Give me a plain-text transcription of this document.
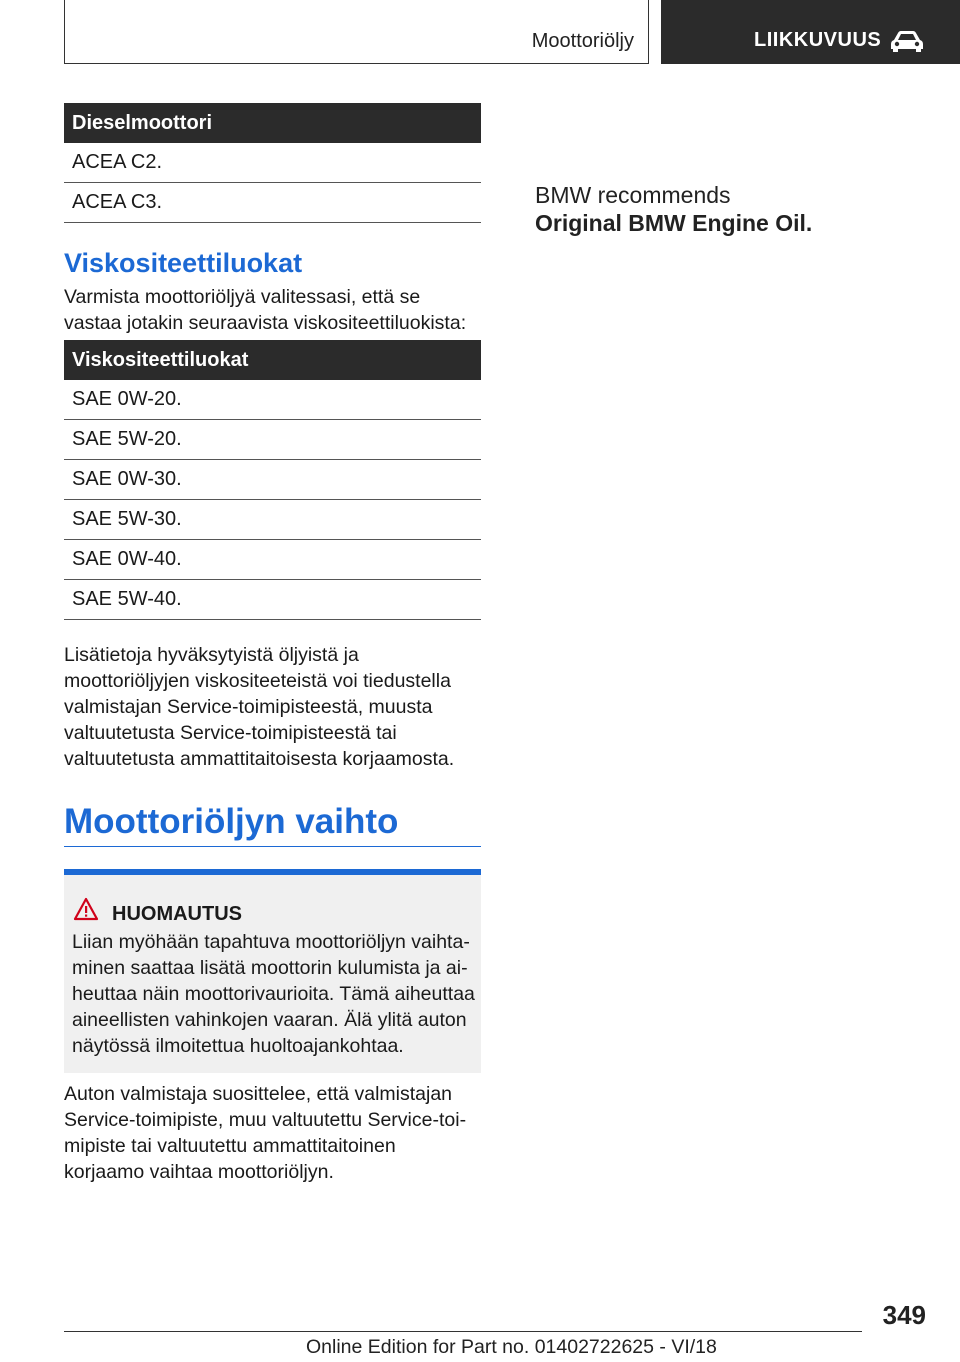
Moottoriöljy	LIIKKUVUUS
Dieselmoottori
ACEA C2.
ACEA C3.
Viskositeettiluokat

Varmista moottoriöljyä valitessasi, että se vastaa jotakin seuraavista viskositeettiluokista:

Viskositeettiluokat
SAE 0W-20.
SAE 5W-20.
SAE 0W-30.
SAE 5W-30.
SAE 0W-40.
SAE 5W-40.

Lisätietoja hyväksytyistä öljyistä ja moottoriöljyjen viskositeeteistä voi tiedustella valmistajan Service-toimipisteestä, muusta valtuutetusta Service-toimipisteestä tai valtuutetusta ammattitaitoisesta korjaamosta.

Moottoriöljyn vaihto
HUOMAUTUS

Liian myöhään tapahtuva moottoriöljyn vaihtaminen saattaa lisätä moottorin kulumista ja aiheuttaa näin moottorivaurioita. Tämä aiheuttaa aineellisten vahinkojen vaaran. Älä ylitä auton näytössä ilmoitettua huoltoajankohtaa.

Auton valmistaja suosittelee, että valmistajan Service-toimipiste, muu valtuutettu Service-toimipiste tai valtuutettu ammattitaitoinen korjaamo vaihtaa moottoriöljyn.

BMW recommends
Original BMW Engine Oil.
349
Online Edition for Part no. 01402722625 - VI/18
